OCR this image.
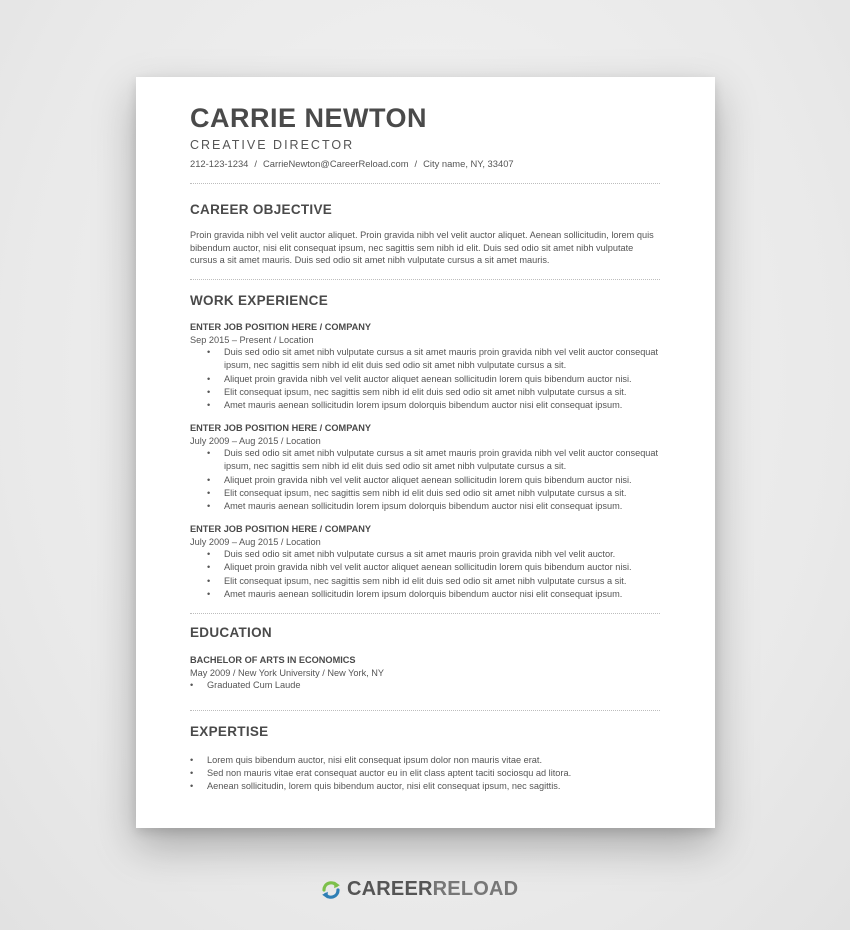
CARRIE NEWTON
CREATIVE DIRECTOR
212-123-1234 / CarrieNewton@CareerReload.com / City name, NY, 33407
CAREER OBJECTIVE
Proin gravida nibh vel velit auctor aliquet. Proin gravida nibh vel velit auctor aliquet. Aenean sollicitudin, lorem quis bibendum auctor, nisi elit consequat ipsum, nec sagittis sem nibh id elit. Duis sed odio sit amet nibh vulputate cursus a sit amet mauris. Duis sed odio sit amet nibh vulputate cursus a sit amet mauris.
WORK EXPERIENCE
ENTER JOB POSITION HERE / COMPANY
Sep 2015 – Present / Location
• Duis sed odio sit amet nibh vulputate cursus a sit amet mauris proin gravida nibh vel velit auctor consequat ipsum, nec sagittis sem nibh id elit duis sed odio sit amet nibh vulputate cursus a sit.
• Aliquet proin gravida nibh vel velit auctor aliquet aenean sollicitudin lorem quis bibendum auctor nisi.
• Elit consequat ipsum, nec sagittis sem nibh id elit duis sed odio sit amet nibh vulputate cursus a sit.
• Amet mauris aenean sollicitudin lorem ipsum dolorquis bibendum auctor nisi elit consequat ipsum.
ENTER JOB POSITION HERE / COMPANY
July 2009 – Aug 2015 / Location
• Duis sed odio sit amet nibh vulputate cursus a sit amet mauris proin gravida nibh vel velit auctor consequat ipsum, nec sagittis sem nibh id elit duis sed odio sit amet nibh vulputate cursus a sit.
• Aliquet proin gravida nibh vel velit auctor aliquet aenean sollicitudin lorem quis bibendum auctor nisi.
• Elit consequat ipsum, nec sagittis sem nibh id elit duis sed odio sit amet nibh vulputate cursus a sit.
• Amet mauris aenean sollicitudin lorem ipsum dolorquis bibendum auctor nisi elit consequat ipsum.
ENTER JOB POSITION HERE / COMPANY
July 2009 – Aug 2015 / Location
• Duis sed odio sit amet nibh vulputate cursus a sit amet mauris proin gravida nibh vel velit auctor.
• Aliquet proin gravida nibh vel velit auctor aliquet aenean sollicitudin lorem quis bibendum auctor nisi.
• Elit consequat ipsum, nec sagittis sem nibh id elit duis sed odio sit amet nibh vulputate cursus a sit.
• Amet mauris aenean sollicitudin lorem ipsum dolorquis bibendum auctor nisi elit consequat ipsum.
EDUCATION
BACHELOR OF ARTS IN ECONOMICS
May 2009 / New York University / New York, NY
• Graduated Cum Laude
EXPERTISE
• Lorem quis bibendum auctor, nisi elit consequat ipsum dolor non mauris vitae erat.
• Sed non mauris vitae erat consequat auctor eu in elit class aptent taciti sociosqu ad litora.
• Aenean sollicitudin, lorem quis bibendum auctor, nisi elit consequat ipsum, nec sagittis.
CAREERRELOAD
